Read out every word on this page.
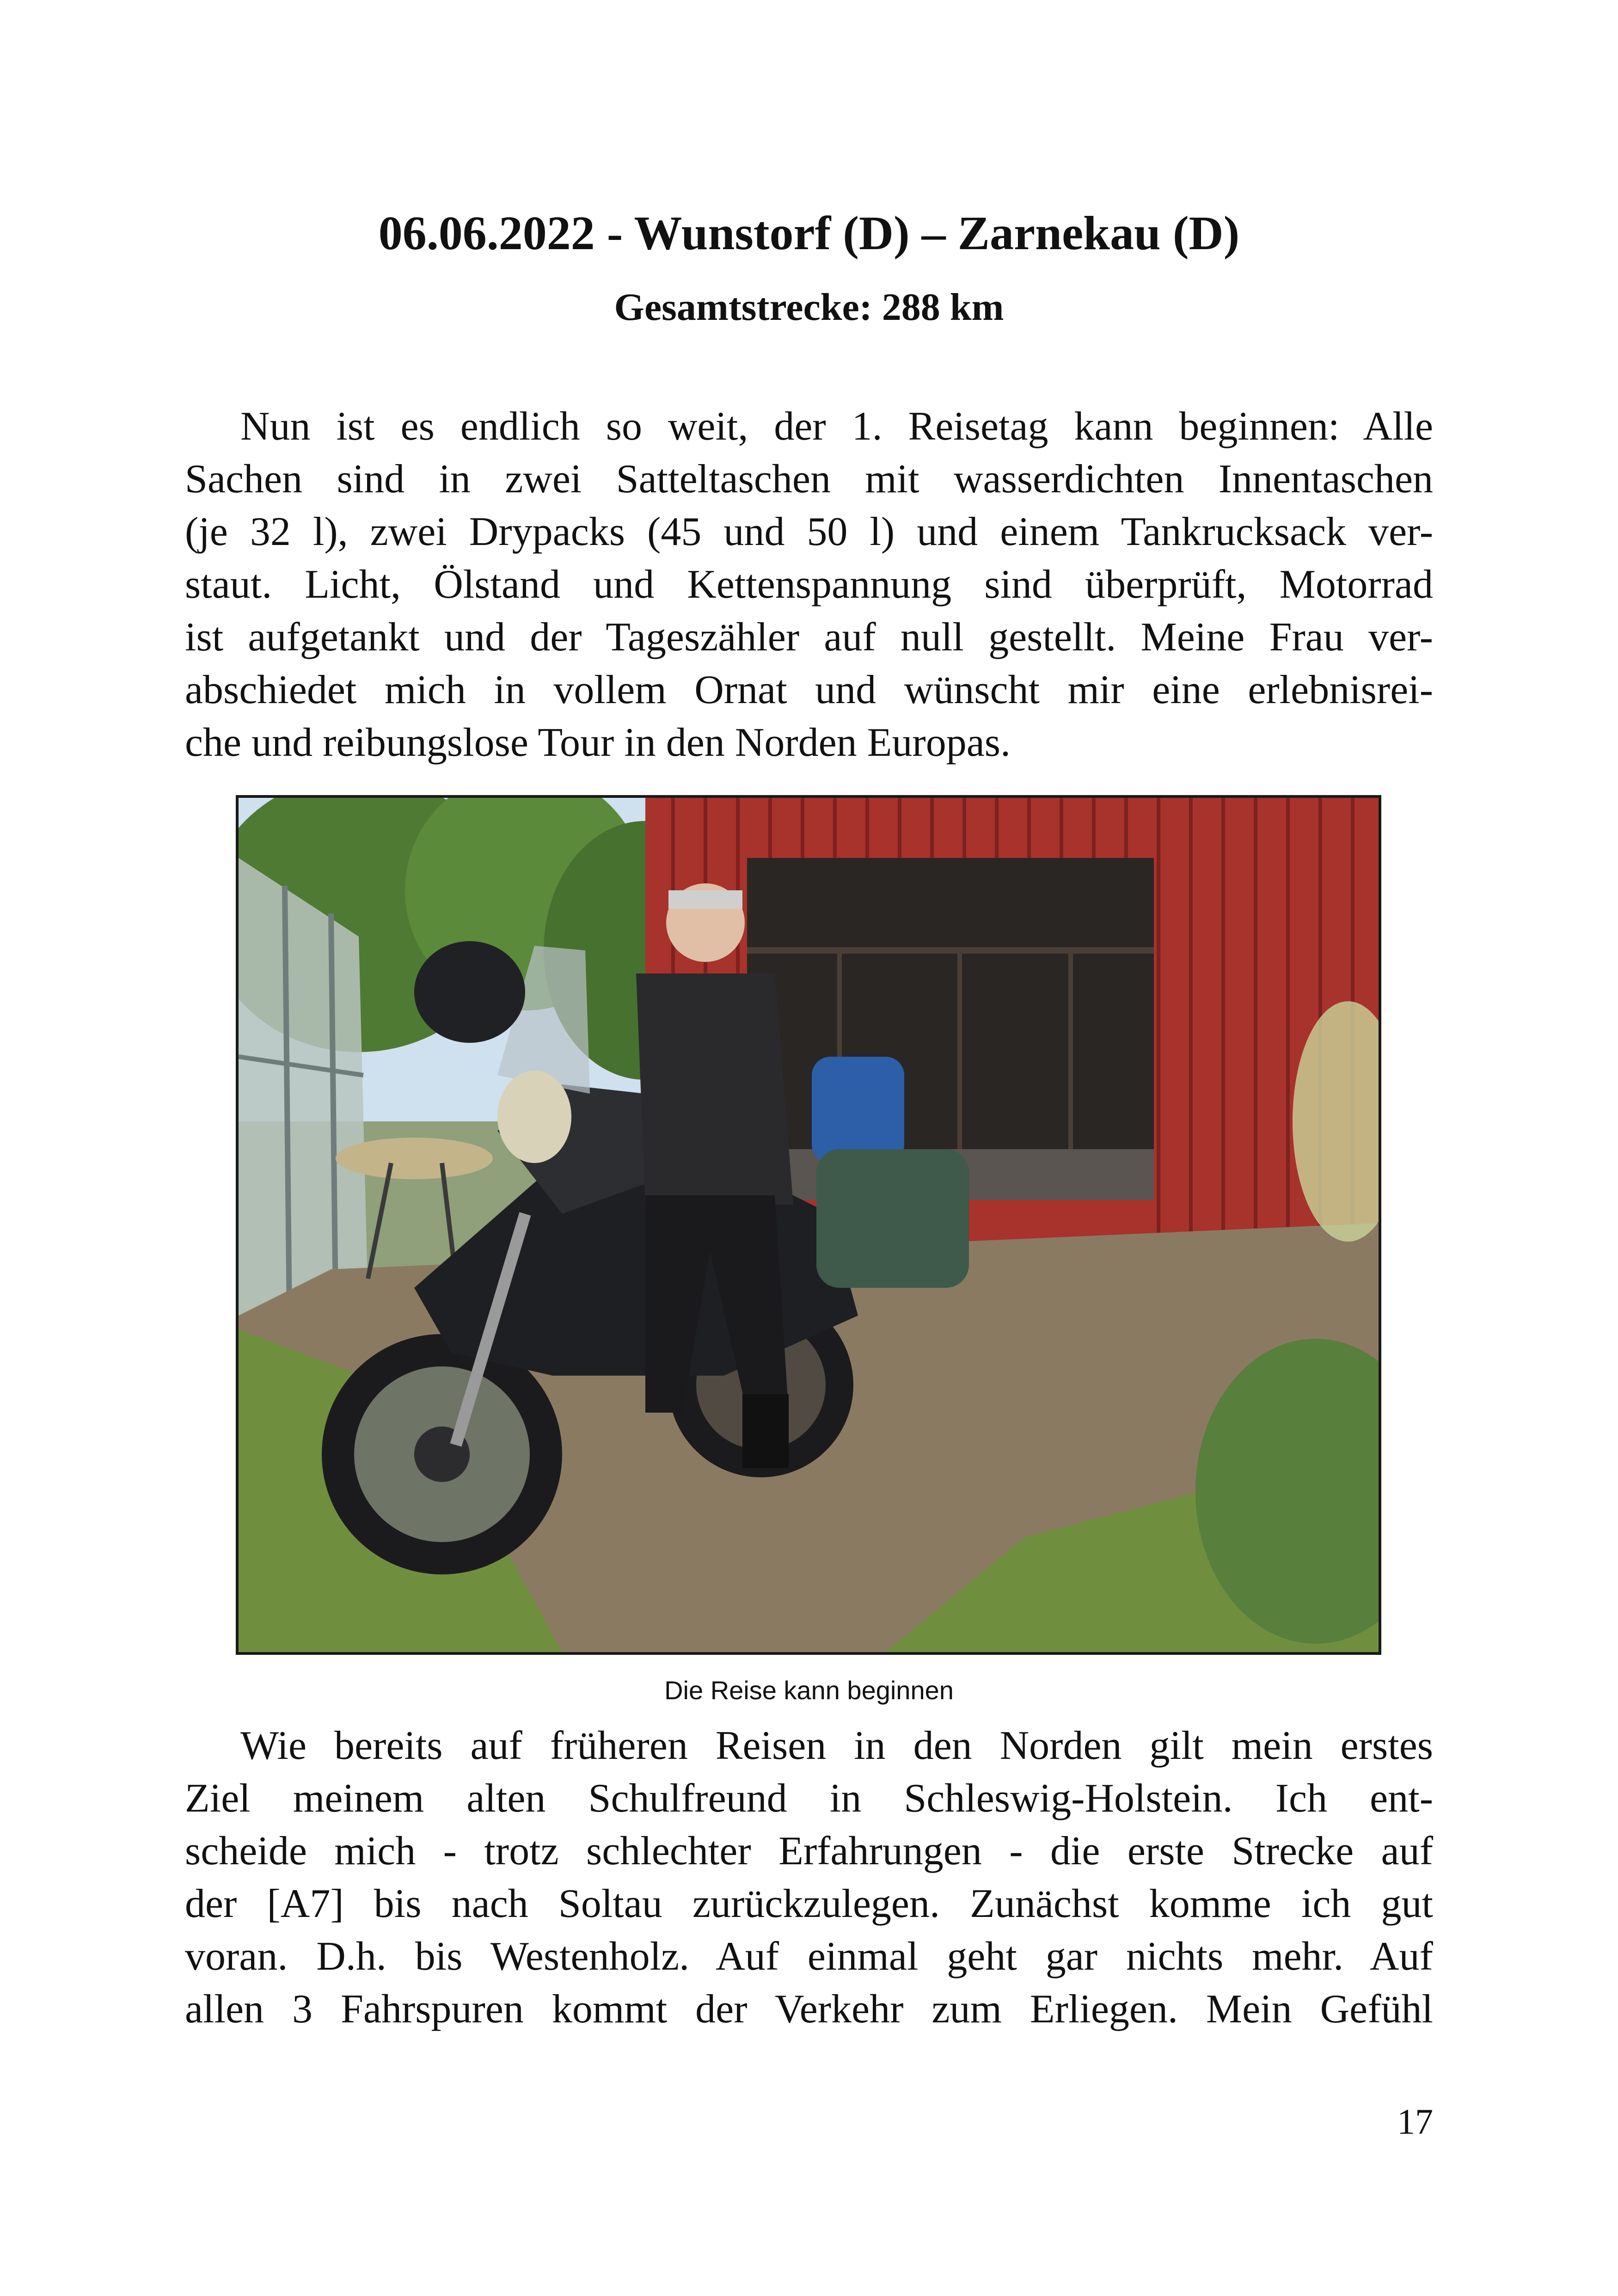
06.06.2022 - Wunstorf (D) – Zarnekau (D)
Gesamtstrecke: 288 km
Nun ist es endlich so weit, der 1. Reisetag kann beginnen: Alle
Sachen sind in zwei Satteltaschen mit wasserdichten Innentaschen
(je 32 l), zwei Drypacks (45 und 50 l) und einem Tankrucksack ver-
staut. Licht, Ölstand und Kettenspannung sind überprüft, Motorrad
ist aufgetankt und der Tageszähler auf null gestellt. Meine Frau ver-
abschiedet mich in vollem Ornat und wünscht mir eine erlebnisrei-
che und reibungslose Tour in den Norden Europas.

Die Reise kann beginnen

Wie bereits auf früheren Reisen in den Norden gilt mein erstes
Ziel meinem alten Schulfreund in Schleswig-Holstein. Ich ent-
scheide mich - trotz schlechter Erfahrungen - die erste Strecke auf
der [A7] bis nach Soltau zurückzulegen. Zunächst komme ich gut
voran. D.h. bis Westenholz. Auf einmal geht gar nichts mehr. Auf
allen 3 Fahrspuren kommt der Verkehr zum Erliegen. Mein Gefühl

17
